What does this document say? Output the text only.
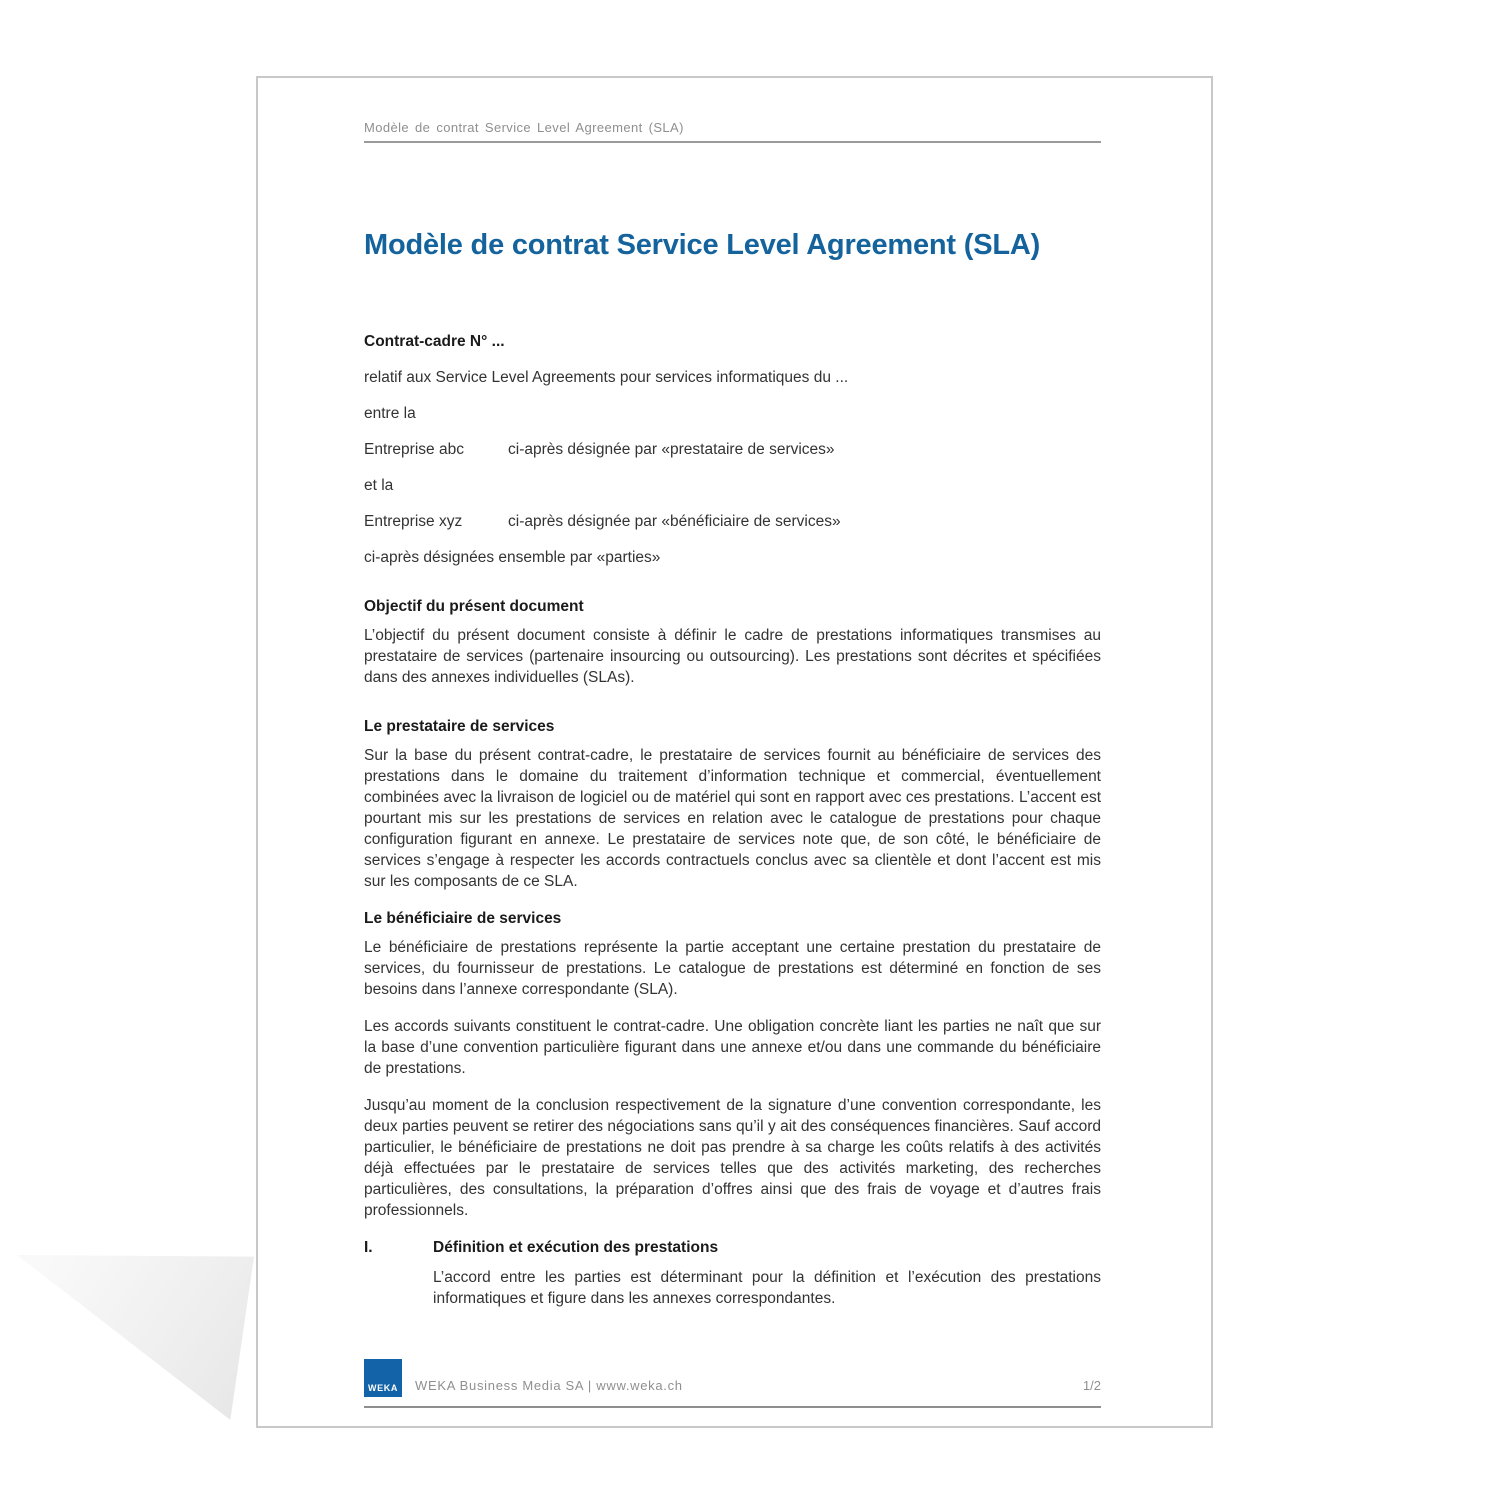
Modèle de contrat Service Level Agreement (SLA)
Modèle de contrat Service Level Agreement (SLA)

Contrat-cadre N° ...

relatif aux Service Level Agreements pour services informatiques du ...

entre la

Entreprise abc	ci-après désignée par «prestataire de services»

et la

Entreprise xyz	ci-après désignée par «bénéficiaire de services»

ci-après désignées ensemble par «parties»

Objectif du présent document

L’objectif du présent document consiste à définir le cadre de prestations informatiques transmises au prestataire de services (partenaire insourcing ou outsourcing). Les prestations sont décrites et spécifiées dans des annexes individuelles (SLAs).

Le prestataire de services

Sur la base du présent contrat-cadre, le prestataire de services fournit au bénéficiaire de services des prestations dans le domaine du traitement d’information technique et commercial, éventuellement combinées avec la livraison de logiciel ou de matériel qui sont en rapport avec ces prestations. L’accent est pourtant mis sur les prestations de services en relation avec le catalogue de prestations pour chaque configuration figurant en annexe. Le prestataire de services note que, de son côté, le bénéficiaire de services s’engage à respecter les accords contractuels conclus avec sa clientèle et dont l’accent est mis sur les composants de ce SLA.

Le bénéficiaire de services

Le bénéficiaire de prestations représente la partie acceptant une certaine prestation du prestataire de services, du fournisseur de prestations. Le catalogue de prestations est déterminé en fonction de ses besoins dans l’annexe correspondante (SLA).

Les accords suivants constituent le contrat-cadre. Une obligation concrète liant les parties ne naît que sur la base d’une convention particulière figurant dans une annexe et/ou dans une commande du bénéficiaire de prestations.

Jusqu’au moment de la conclusion respectivement de la signature d’une convention correspondante, les deux parties peuvent se retirer des négociations sans qu’il y ait des conséquences financières. Sauf accord particulier, le bénéficiaire de prestations ne doit pas prendre à sa charge les coûts relatifs à des activités déjà effectuées par le prestataire de services telles que des activités marketing, des recherches particulières, des consultations, la préparation d’offres ainsi que des frais de voyage et d’autres frais professionnels.

I.	Définition et exécution des prestations

L’accord entre les parties est déterminant pour la définition et l’exécution des prestations informatiques et figure dans les annexes correspondantes.

WEKA WEKA Business Media SA | www.weka.ch	1/2
